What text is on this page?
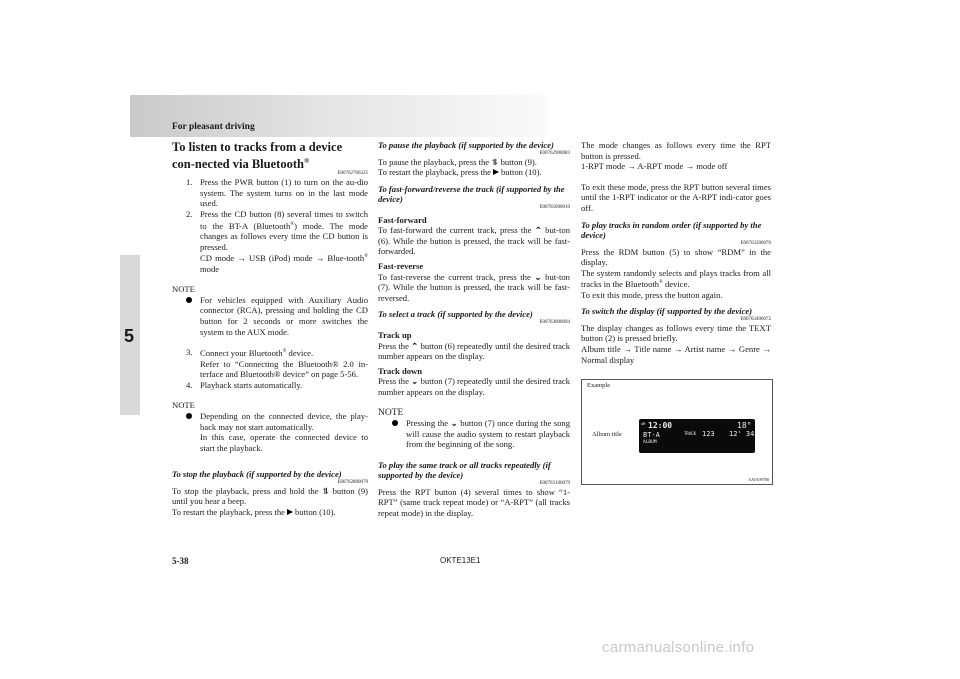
For pleasant driving
5
To listen to tracks from a device con-nected via Bluetooth®
E00762700225
1. Press the PWR button (1) to turn on the au-dio system. The system turns on in the last mode used.
2. Press the CD button (8) several times to switch to the BT-A (Bluetooth®) mode. The mode changes as follows every time the CD button is pressed.
CD mode → USB (iPod) mode → Blue-tooth® mode

NOTE

For vehicles equipped with Auxiliary Audio connector (RCA), pressing and holding the CD button for 2 seconds or more switches the system to the AUX mode.
3. Connect your Bluetooth® device.
Refer to “Connecting the Bluetooth® 2.0 in-terface and Bluetooth® device” on page 5-56.
4. Playback starts automatically.

NOTE

Depending on the connected device, the play-back may not start automatically.
In this case, operate the connected device to start the playback.
To stop the playback (if supported by the device)
E00762800079

To stop the playback, press and hold the ⥮ button (9) until you hear a beep.

To restart the playback, press the button (10).

To pause the playback (if supported by the device)
E00762900083

To pause the playback, press the ⥮ button (9).

To restart the playback, press the button (10).

To fast-forward/reverse the track (if supported by the device)
E00765600010
Fast-forward

To fast-forward the current track, press the ⌃ but-ton (6). While the button is pressed, the track will be fast-forwarded.

Fast-reverse

To fast-reverse the current track, press the ⌄ but-ton (7). While the button is pressed, the track will be fast-reversed.

To select a track (if supported by the device)
E00763000094
Track up

Press the ⌃ button (6) repeatedly until the desired track number appears on the display.

Track down

Press the ⌄ button (7) repeatedly until the desired track number appears on the display.

NOTE

Pressing the ⌄ button (7) once during the song will cause the audio system to restart playback from the beginning of the song.
To play the same track or all tracks repeatedly (if supported by the device)
E00763100079

Press the RPT button (4) several times to show “1-RPT” (same track repeat mode) or “A-RPT” (all tracks repeat mode) in the display.

The mode changes as follows every time the RPT button is pressed.

1-RPT mode → A-RPT mode → mode off

To exit these mode, press the RPT button several times until the 1-RPT indicator or the A-RPT indi-cator goes off.

To play tracks in random order (if supported by the device)
E00763200070

Press the RDM button (5) to show “RDM” in the display.

The system randomly selects and plays tracks from all tracks in the Bluetooth® device.

To exit this mode, press the button again.

To switch the display (if supported by the device)
E00763400072

The display changes as follows every time the TEXT button (2) is pressed briefly.

Album title → Title name → Artist name → Genre → Normal display

Example
Album title
AM 12:00	18°
BT-A	TRACK 123 12' 34
ALBUM
AA0109780
5-38	OKTE13E1
carmanualsonline.info
